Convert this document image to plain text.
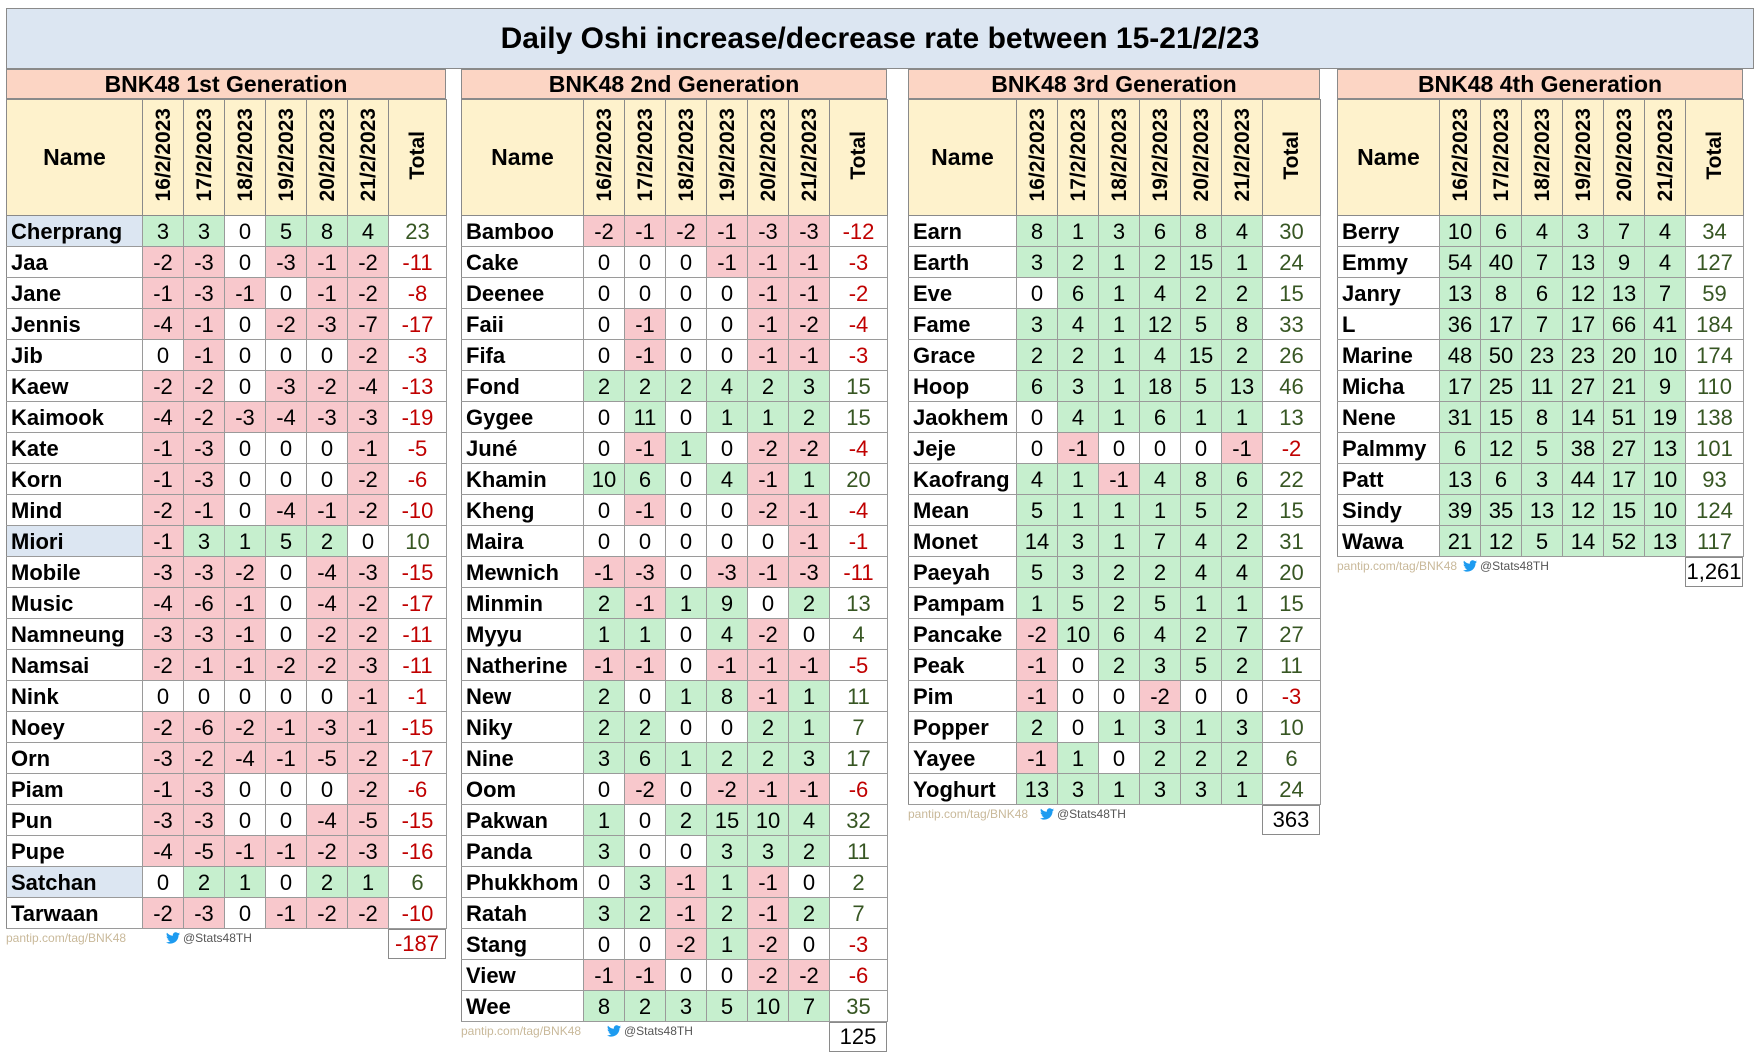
Daily Oshi increase/decrease rate between 15-21/2/23
BNK48 1st Generation
Name	16/2/2023	17/2/2023	18/2/2023	19/2/2023	20/2/2023	21/2/2023	Total
Cherprang	3	3	0	5	8	4	23
Jaa	-2	-3	0	-3	-1	-2	-11
Jane	-1	-3	-1	0	-1	-2	-8
Jennis	-4	-1	0	-2	-3	-7	-17
Jib	0	-1	0	0	0	-2	-3
Kaew	-2	-2	0	-3	-2	-4	-13
Kaimook	-4	-2	-3	-4	-3	-3	-19
Kate	-1	-3	0	0	0	-1	-5
Korn	-1	-3	0	0	0	-2	-6
Mind	-2	-1	0	-4	-1	-2	-10
Miori	-1	3	1	5	2	0	10
Mobile	-3	-3	-2	0	-4	-3	-15
Music	-4	-6	-1	0	-4	-2	-17
Namneung	-3	-3	-1	0	-2	-2	-11
Namsai	-2	-1	-1	-2	-2	-3	-11
Nink	0	0	0	0	0	-1	-1
Noey	-2	-6	-2	-1	-3	-1	-15
Orn	-3	-2	-4	-1	-5	-2	-17
Piam	-1	-3	0	0	0	-2	-6
Pun	-3	-3	0	0	-4	-5	-15
Pupe	-4	-5	-1	-1	-2	-3	-16
Satchan	0	2	1	0	2	1	6
Tarwaan	-2	-3	0	-1	-2	-2	-10
pantip.com/tag/BNK48	@Stats48TH	-187
BNK48 2nd Generation
Name	16/2/2023	17/2/2023	18/2/2023	19/2/2023	20/2/2023	21/2/2023	Total
Bamboo	-2	-1	-2	-1	-3	-3	-12
Cake	0	0	0	-1	-1	-1	-3
Deenee	0	0	0	0	-1	-1	-2
Faii	0	-1	0	0	-1	-2	-4
Fifa	0	-1	0	0	-1	-1	-3
Fond	2	2	2	4	2	3	15
Gygee	0	11	0	1	1	2	15
Juné	0	-1	1	0	-2	-2	-4
Khamin	10	6	0	4	-1	1	20
Kheng	0	-1	0	0	-2	-1	-4
Maira	0	0	0	0	0	-1	-1
Mewnich	-1	-3	0	-3	-1	-3	-11
Minmin	2	-1	1	9	0	2	13
Myyu	1	1	0	4	-2	0	4
Natherine	-1	-1	0	-1	-1	-1	-5
New	2	0	1	8	-1	1	11
Niky	2	2	0	0	2	1	7
Nine	3	6	1	2	2	3	17
Oom	0	-2	0	-2	-1	-1	-6
Pakwan	1	0	2	15	10	4	32
Panda	3	0	0	3	3	2	11
Phukkhom	0	3	-1	1	-1	0	2
Ratah	3	2	-1	2	-1	2	7
Stang	0	0	-2	1	-2	0	-3
View	-1	-1	0	0	-2	-2	-6
Wee	8	2	3	5	10	7	35
pantip.com/tag/BNK48	@Stats48TH	125
BNK48 3rd Generation
Name	16/2/2023	17/2/2023	18/2/2023	19/2/2023	20/2/2023	21/2/2023	Total
Earn	8	1	3	6	8	4	30
Earth	3	2	1	2	15	1	24
Eve	0	6	1	4	2	2	15
Fame	3	4	1	12	5	8	33
Grace	2	2	1	4	15	2	26
Hoop	6	3	1	18	5	13	46
Jaokhem	0	4	1	6	1	1	13
Jeje	0	-1	0	0	0	-1	-2
Kaofrang	4	1	-1	4	8	6	22
Mean	5	1	1	1	5	2	15
Monet	14	3	1	7	4	2	31
Paeyah	5	3	2	2	4	4	20
Pampam	1	5	2	5	1	1	15
Pancake	-2	10	6	4	2	7	27
Peak	-1	0	2	3	5	2	11
Pim	-1	0	0	-2	0	0	-3
Popper	2	0	1	3	1	3	10
Yayee	-1	1	0	2	2	2	6
Yoghurt	13	3	1	3	3	1	24
pantip.com/tag/BNK48	@Stats48TH	363
BNK48 4th Generation
Name	16/2/2023	17/2/2023	18/2/2023	19/2/2023	20/2/2023	21/2/2023	Total
Berry	10	6	4	3	7	4	34
Emmy	54	40	7	13	9	4	127
Janry	13	8	6	12	13	7	59
L	36	17	7	17	66	41	184
Marine	48	50	23	23	20	10	174
Micha	17	25	11	27	21	9	110
Nene	31	15	8	14	51	19	138
Palmmy	6	12	5	38	27	13	101
Patt	13	6	3	44	17	10	93
Sindy	39	35	13	12	15	10	124
Wawa	21	12	5	14	52	13	117
pantip.com/tag/BNK48	@Stats48TH	1,261
